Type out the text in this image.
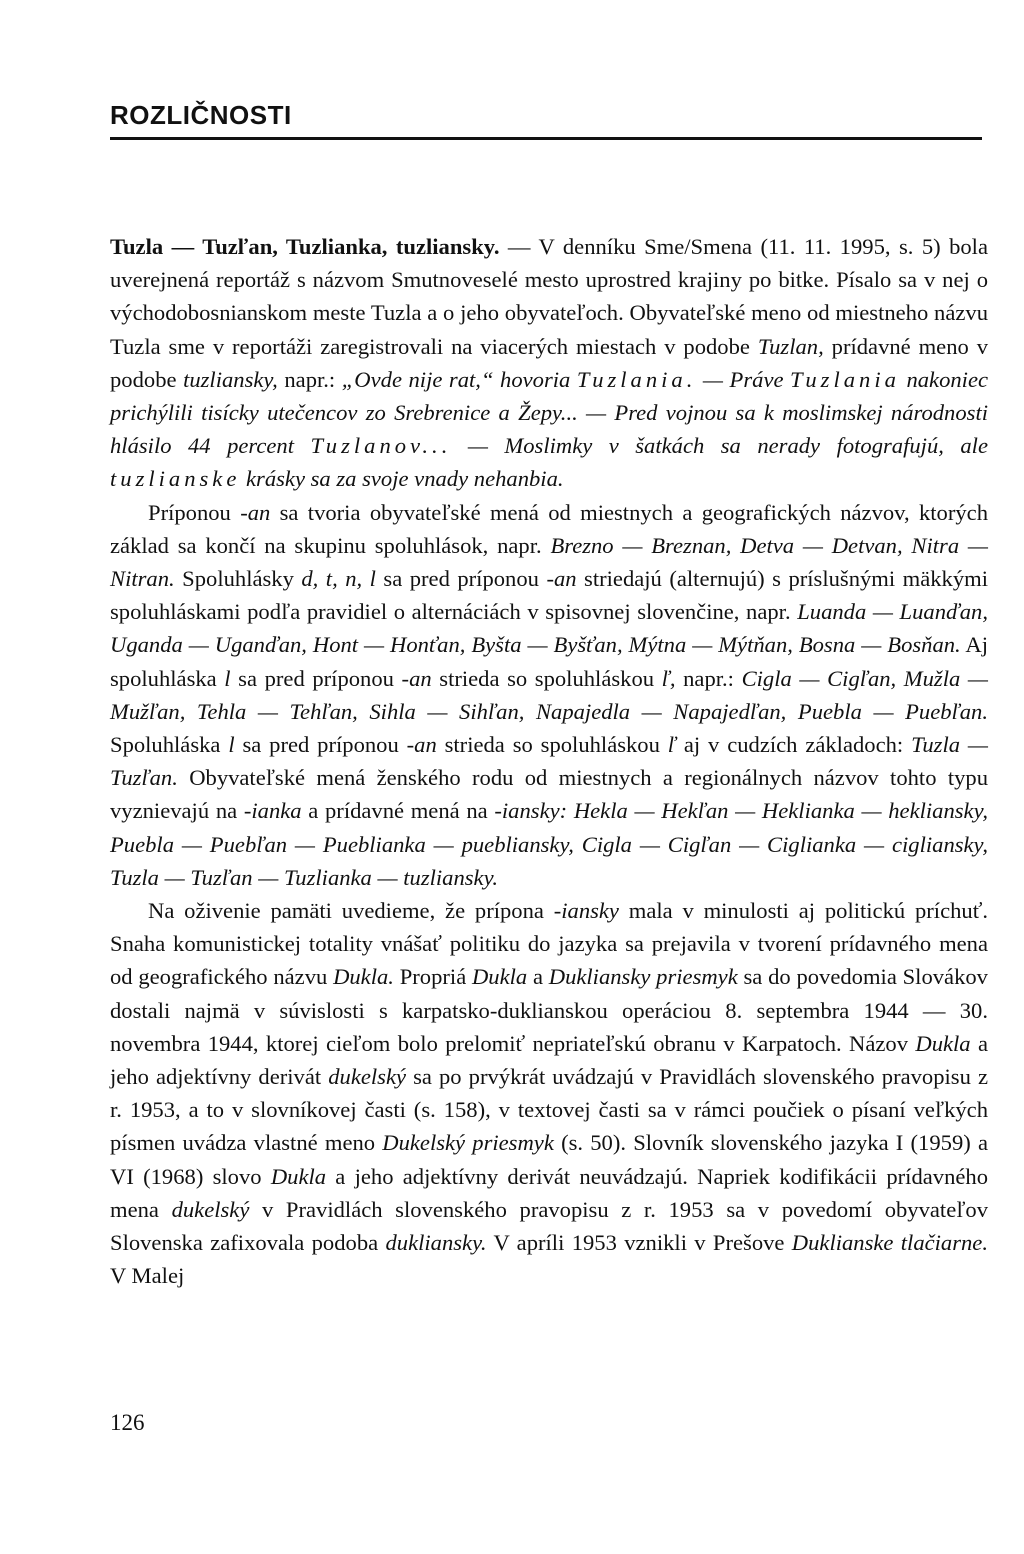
ROZLIČNOSTI

Tuzla — Tuzľan, Tuzlianka, tuzliansky. — V denníku Sme/Smena (11. 11. 1995, s. 5) bola uverejnená reportáž s názvom Smutnoveselé mesto uprostred krajiny po bitke. Písalo sa v nej o východobosnianskom meste Tuzla a o jeho obyvateľoch. Obyvateľské meno od miestneho názvu Tuzla sme v reportáži zaregistrovali na viacerých miestach v podobe Tuzlan, prídavné meno v podobe tuzliansky, napr.: „Ovde nije rat,“ hovoria Tuzlania. — Práve Tuzlania nakoniec prichýlili tisícky utečencov zo Srebrenice a Žepy... — Pred vojnou sa k moslimskej národnosti hlásilo 44 percent Tuzlanov... — Moslimky v šatkách sa nerady fotografujú, ale tuzlianske krásky sa za svoje vnady nehanbia.

Príponou -an sa tvoria obyvateľské mená od miestnych a geografických názvov, ktorých základ sa končí na skupinu spoluhlások, napr. Brezno — Breznan, Detva — Detvan, Nitra — Nitran. Spoluhlásky d, t, n, l sa pred príponou -an striedajú (alternujú) s príslušnými mäkkými spoluhláskami podľa pravidiel o alternáciách v spisovnej slovenčine, napr. Luanda — Luanďan, Uganda — Uganďan, Hont — Honťan, Byšta — Byšťan, Mýtna — Mýtňan, Bosna — Bosňan. Aj spoluhláska l sa pred príponou -an strieda so spoluhláskou ľ, napr.: Cigla — Cigľan, Mužla — Mužľan, Tehla — Tehľan, Sihla — Sihľan, Napajedla — Napajedľan, Puebla — Puebľan. Spoluhláska l sa pred príponou -an strieda so spoluhláskou ľ aj v cudzích základoch: Tuzla — Tuzľan. Obyvateľské mená ženského rodu od miestnych a regionálnych názvov tohto typu vyznievajú na -ianka a prídavné mená na -iansky: Hekla — Hekľan — Heklianka — hekliansky, Puebla — Puebľan — Pueblianka — puebliansky, Cigla — Cigľan — Ciglianka — cigliansky, Tuzla — Tuzľan — Tuzlianka — tuzliansky.

Na oživenie pamäti uvedieme, že prípona -iansky mala v minulosti aj politickú príchuť. Snaha komunistickej totality vnášať politiku do jazyka sa prejavila v tvorení prídavného mena od geografického názvu Dukla. Propriá Dukla a Dukliansky priesmyk sa do povedomia Slovákov dostali najmä v súvislosti s karpatsko-duklianskou operáciou 8. septembra 1944 — 30. novembra 1944, ktorej cieľom bolo prelomiť nepriateľskú obranu v Karpatoch. Názov Dukla a jeho adjektívny derivát dukelský sa po prvýkrát uvádzajú v Pravidlách slovenského pravopisu z r. 1953, a to v slovníkovej časti (s. 158), v textovej časti sa v rámci poučiek o písaní veľkých písmen uvádza vlastné meno Dukelský priesmyk (s. 50). Slovník slovenského jazyka I (1959) a VI (1968) slovo Dukla a jeho adjektívny derivát neuvádzajú. Napriek kodifikácii prídavného mena dukelský v Pravidlách slovenského pravopisu z r. 1953 sa v povedomí obyvateľov Slovenska zafixovala podoba dukliansky. V apríli 1953 vznikli v Prešove Duklianske tlačiarne. V Malej

126
